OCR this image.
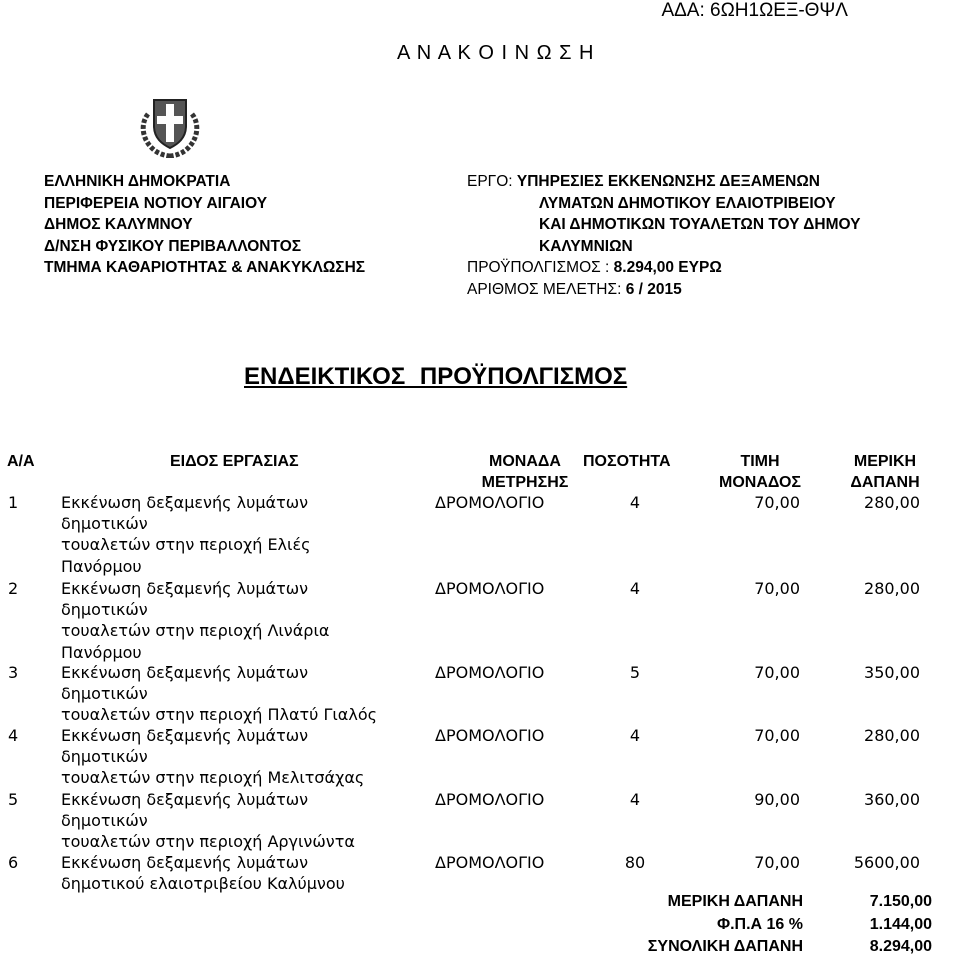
ΑΔΑ: 6ΩΗ1ΩΕΞ-ΘΨΛ
Α Ν Α Κ Ο Ι Ν Ω Σ Η
ΕΛΛΗΝΙΚΗ ΔΗΜΟΚΡΑΤΙΑ
ΠΕΡΙΦΕΡΕΙΑ ΝΟΤΙΟΥ ΑΙΓΑΙΟΥ
ΔΗΜΟΣ ΚΑΛΥΜΝΟΥ
Δ/ΝΣΗ ΦΥΣΙΚΟΥ ΠΕΡΙΒΑΛΛΟΝΤΟΣ
ΤΜΗΜΑ ΚΑΘΑΡΙΟΤΗΤΑΣ & ΑΝΑΚΥΚΛΩΣΗΣ
ΕΡΓΟ: ΥΠΗΡΕΣΙΕΣ ΕΚΚΕΝΩΝΣΗΣ ΔΕΞΑΜΕΝΩΝ
ΛΥΜΑΤΩΝ ΔΗΜΟΤΙΚΟΥ ΕΛΑΙΟΤΡΙΒΕΙΟΥ
ΚΑΙ ΔΗΜΟΤΙΚΩΝ ΤΟΥΑΛΕΤΩΝ ΤΟΥ ΔΗΜΟΥ
ΚΑΛΥΜΝΙΩΝ
ΠΡΟΫΠΟΛΓΙΣΜΟΣ : 8.294,00 ΕΥΡΩ
ΑΡΙΘΜΟΣ ΜΕΛΕΤΗΣ: 6 / 2015
ΕΝΔΕΙΚΤΙΚΟΣ ΠΡΟΫΠΟΛΓΙΣΜΟΣ
Α/Α	ΕΙΔΟΣ ΕΡΓΑΣΙΑΣ	ΜΟΝΑΔΑ
ΜΕΤΡΗΣΗΣ
ΠΟΣΟΤΗΤΑ	ΤΙΜΗ
ΜΟΝΑΔΟΣ
ΜΕΡΙΚΗ
ΔΑΠΑΝΗ
1	Εκκένωση δεξαμενής λυμάτων
δημοτικών
τουαλετών στην περιοχή Ελιές
Πανόρμου
ΔΡΟΜΟΛΟΓΙΟ	4	70,00	280,00
2	Εκκένωση δεξαμενής λυμάτων
δημοτικών
τουαλετών στην περιοχή Λινάρια
Πανόρμου
ΔΡΟΜΟΛΟΓΙΟ	4	70,00	280,00
3	Εκκένωση δεξαμενής λυμάτων
δημοτικών
τουαλετών στην περιοχή Πλατύ Γιαλός
ΔΡΟΜΟΛΟΓΙΟ	5	70,00	350,00
4	Εκκένωση δεξαμενής λυμάτων
δημοτικών
τουαλετών στην περιοχή Μελιτσάχας
ΔΡΟΜΟΛΟΓΙΟ	4	70,00	280,00
5	Εκκένωση δεξαμενής λυμάτων
δημοτικών
τουαλετών στην περιοχή Αργινώντα
ΔΡΟΜΟΛΟΓΙΟ	4	90,00	360,00
6	Εκκένωση δεξαμενής λυμάτων
δημοτικού ελαιοτριβείου Καλύμνου
ΔΡΟΜΟΛΟΓΙΟ	80	70,00	5600,00
ΜΕΡΙΚΗ ΔΑΠΑΝΗ	7.150,00
Φ.Π.Α 16 %	1.144,00
ΣΥΝΟΛΙΚΗ ΔΑΠΑΝΗ	8.294,00
